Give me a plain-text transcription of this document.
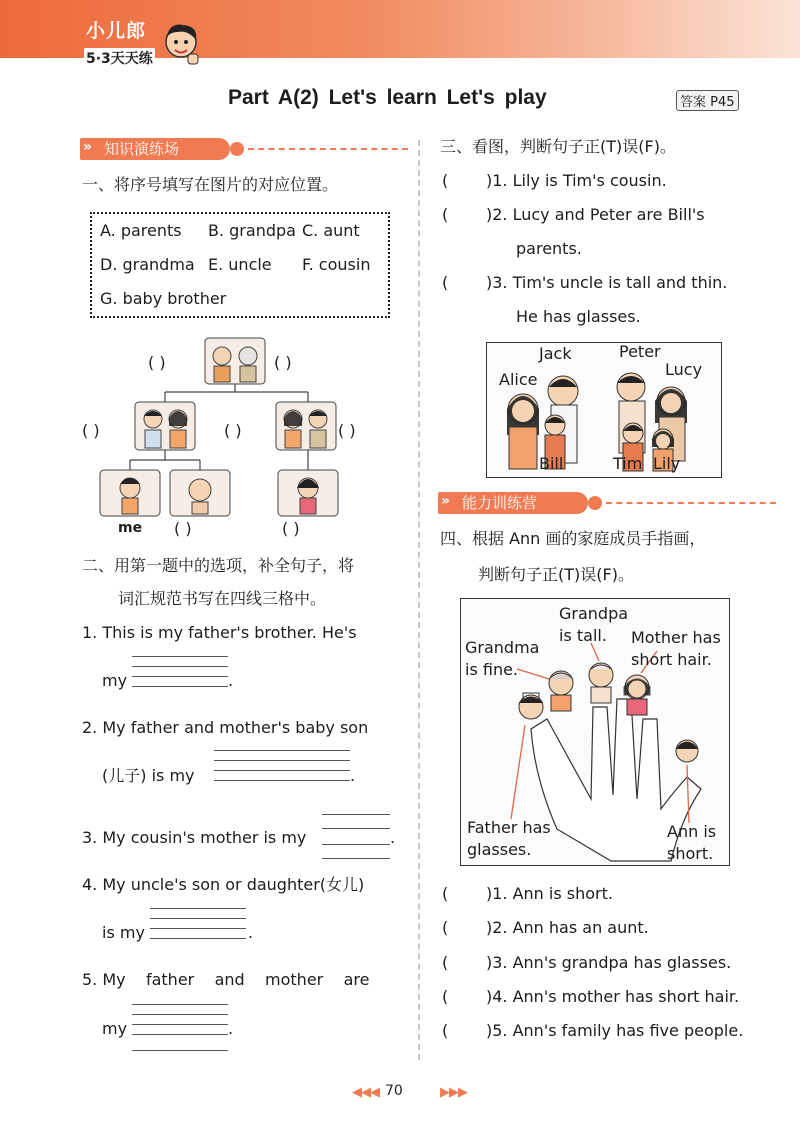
小儿郎
5·3天天练
Part A(2) Let's learn Let's play	答案 P45
» 知识演练场
一、将序号填写在图片的对应位置。
A. parents B. grandpa C. aunt
D. grandma E. uncle F. cousin
G. baby brother
( )	( )
( )	( )	( )
me ( )	( )
二、用第一题中的选项，补全句子，将
词汇规范书写在四线三格中。
1. This is my father's brother. He's
my	.
2. My father and mother's baby son
(儿子) is my	.
3. My cousin's mother is my	.
4. My uncle's son or daughter(女儿)
is my	.
5. My    father    and    mother    are
my	.
三、看图，判断句子正(T)误(F)。
( )1. Lily is Tim's cousin.
( )2. Lucy and Peter are Bill's
parents.
( )3. Tim's uncle is tall and thin.
He has glasses.
Jack
Alice
Peter
Lucy
Bill	Tim Lily
» 能力训练营
四、根据 Ann 画的家庭成员手指画，
判断句子正(T)误(F)。
Grandpa
is tall.
Grandma
is fine.
Mother has
short hair.
Father has
glasses.
Ann is
short.
( )1. Ann is short.
( )2. Ann has an aunt.
( )3. Ann's grandpa has glasses.
( )4. Ann's mother has short hair.
( )5. Ann's family has five people.
◀◀◀ 70	▶▶▶
